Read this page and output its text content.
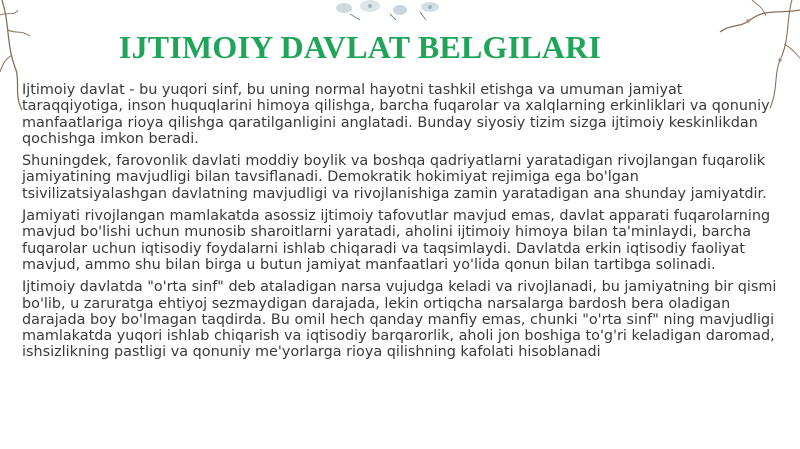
IJTIMOIY DAVLAT BELGILARI

Ijtimoiy davlat - bu yuqori sinf, bu uning normal hayotni tashkil etishga va umuman jamiyat taraqqiyotiga, inson huquqlarini himoya qilishga, barcha fuqarolar va xalqlarning erkinliklari va qonuniy manfaatlariga rioya qilishga qaratilganligini anglatadi. Bunday siyosiy tizim sizga ijtimoiy keskinlikdan qochishga imkon beradi.

Shuningdek, farovonlik davlati moddiy boylik va boshqa qadriyatlarni yaratadigan rivojlangan fuqarolik jamiyatining mavjudligi bilan tavsiflanadi. Demokratik hokimiyat rejimiga ega bo'lgan tsivilizatsiyalashgan davlatning mavjudligi va rivojlanishiga zamin yaratadigan ana shunday jamiyatdir.

Jamiyati rivojlangan mamlakatda asossiz ijtimoiy tafovutlar mavjud emas, davlat apparati fuqarolarning mavjud bo'lishi uchun munosib sharoitlarni yaratadi, aholini ijtimoiy himoya bilan ta'minlaydi, barcha fuqarolar uchun iqtisodiy foydalarni ishlab chiqaradi va taqsimlaydi. Davlatda erkin iqtisodiy faoliyat mavjud, ammo shu bilan birga u butun jamiyat manfaatlari yo'lida qonun bilan tartibga solinadi.

Ijtimoiy davlatda "o'rta sinf" deb ataladigan narsa vujudga keladi va rivojlanadi, bu jamiyatning bir qismi bo'lib, u zaruratga ehtiyoj sezmaydigan darajada, lekin ortiqcha narsalarga bardosh bera oladigan darajada boy bo'lmagan taqdirda. Bu omil hech qanday manfiy emas, chunki "o'rta sinf" ning mavjudligi mamlakatda yuqori ishlab chiqarish va iqtisodiy barqarorlik, aholi jon boshiga to'g'ri keladigan daromad, ishsizlikning pastligi va qonuniy me'yorlarga rioya qilishning kafolati hisoblanadi
